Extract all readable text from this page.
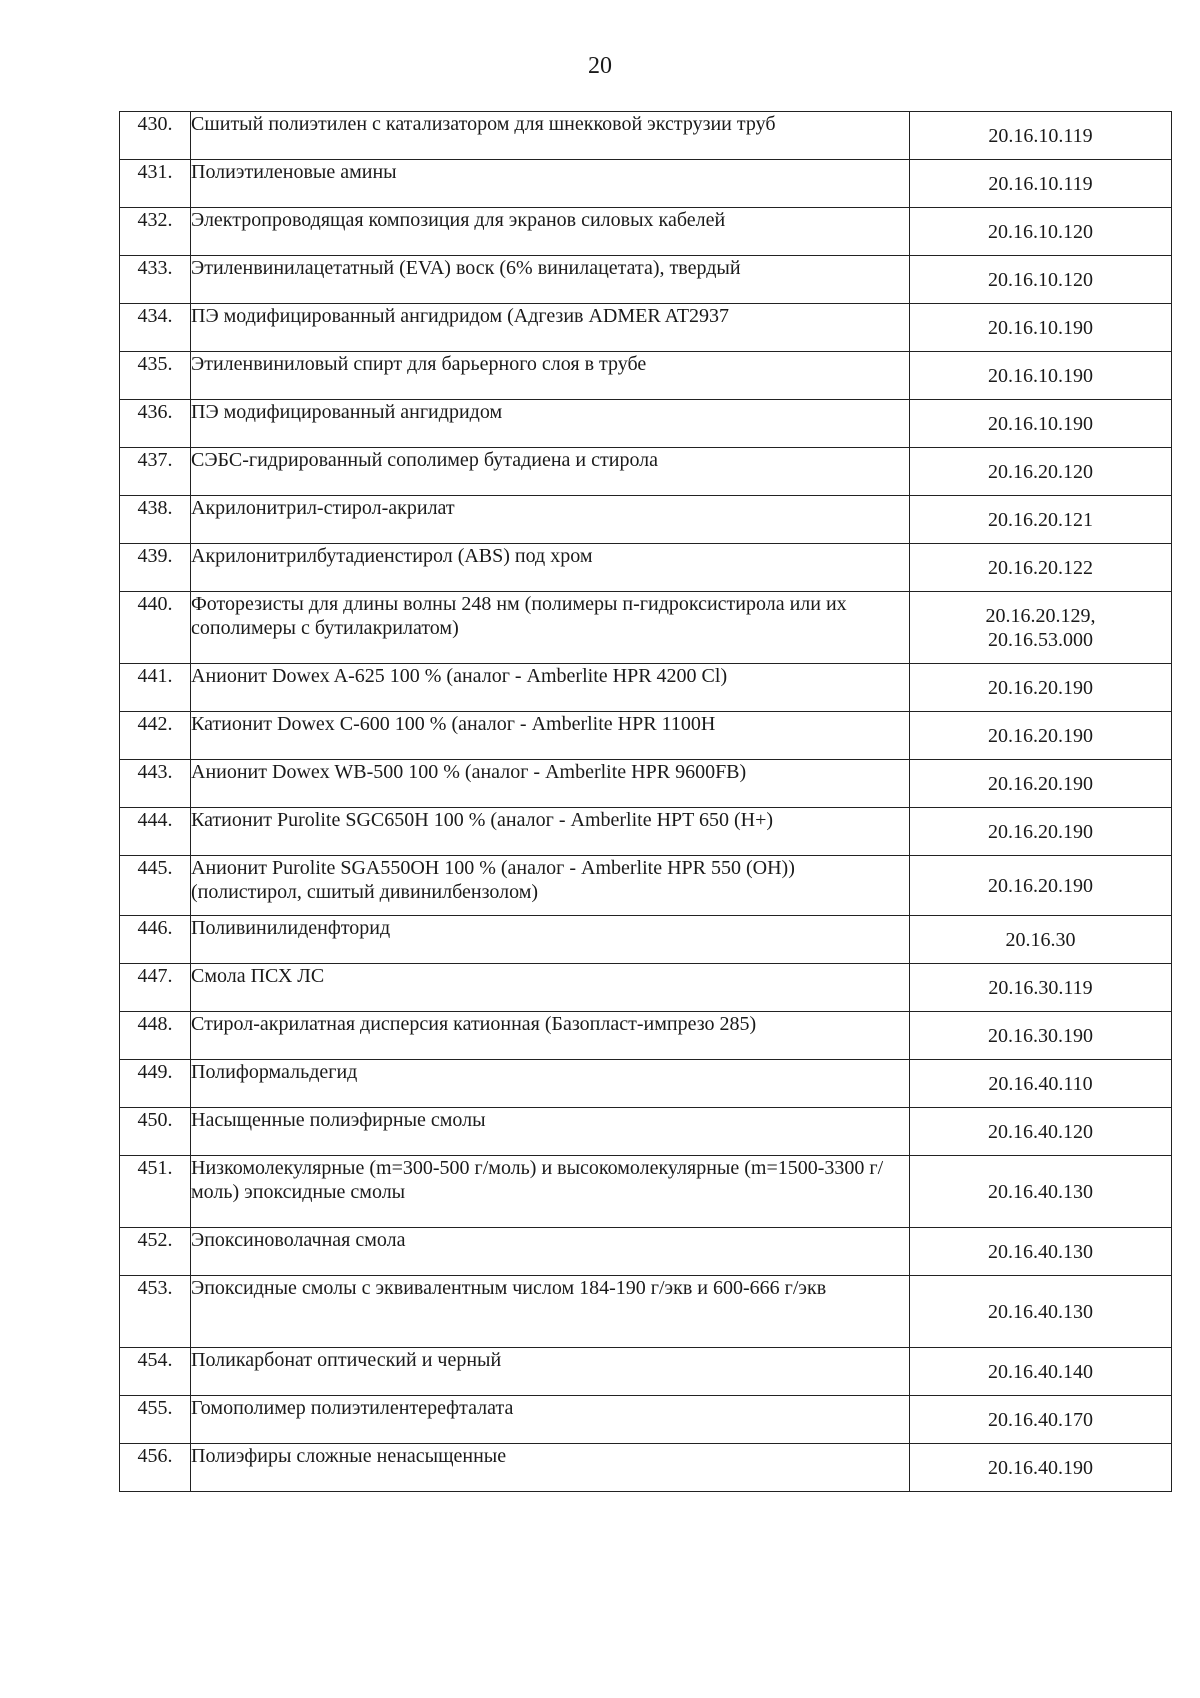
20
430.	Сшитый полиэтилен с катализатором для шнекковой экструзии труб	20.16.10.119

431.	Полиэтиленовые амины	20.16.10.119

432.	Электропроводящая композиция для экранов силовых кабелей	20.16.10.120

433.	Этиленвинилацетатный (EVA) воск (6% винилацетата), твердый	20.16.10.120

434.	ПЭ модифицированный ангидридом (Адгезив ADMER AT2937	20.16.10.190

435.	Этиленвиниловый спирт для барьерного слоя в трубе	20.16.10.190

436.	ПЭ модифицированный ангидридом	20.16.10.190

437.	СЭБС-гидрированный сополимер бутадиена и стирола	20.16.20.120

438.	Акрилонитрил-стирол-акрилат	20.16.20.121

439.	Акрилонитрилбутадиенстирол (ABS) под хром	20.16.20.122

440.	Фоторезисты для длины волны 248 нм (полимеры п-гидроксистирола или их сополимеры с бутилакрилатом)	20.16.20.129,
20.16.53.000

441.	Анионит Dowex A-625 100 % (аналог - Amberlite HPR 4200 Cl)	20.16.20.190

442.	Катионит Dowex C-600 100 % (аналог - Amberlite HPR 1100H	20.16.20.190

443.	Анионит Dowex WB-500 100 % (аналог - Amberlite HPR 9600FB)	20.16.20.190

444.	Катионит Purolite SGC650H 100 % (аналог - Amberlite HPT 650 (H+)	20.16.20.190

445.	Анионит Purolite SGA550OH 100 % (аналог - Amberlite HPR 550 (OH)) (полистирол, сшитый дивинилбензолом)	20.16.20.190

446.	Поливинилиденфторид	20.16.30

447.	Смола ПСХ ЛС	20.16.30.119

448.	Стирол-акрилатная дисперсия катионная (Базопласт-импрезо 285)	20.16.30.190

449.	Полиформальдегид	20.16.40.110

450.	Насыщенные полиэфирные смолы	20.16.40.120

451.	Низкомолекулярные (m=300-500 г/моль) и высокомолекулярные (m=1500-3300 г/моль) эпоксидные смолы	20.16.40.130

452.	Эпоксиноволачная смола	20.16.40.130

453.	Эпоксидные смолы с эквивалентным числом 184-190 г/экв и 600-666 г/экв	20.16.40.130

454.	Поликарбонат оптический и черный	20.16.40.140

455.	Гомополимер полиэтилентерефталата	20.16.40.170

456.	Полиэфиры сложные ненасыщенные	20.16.40.190
